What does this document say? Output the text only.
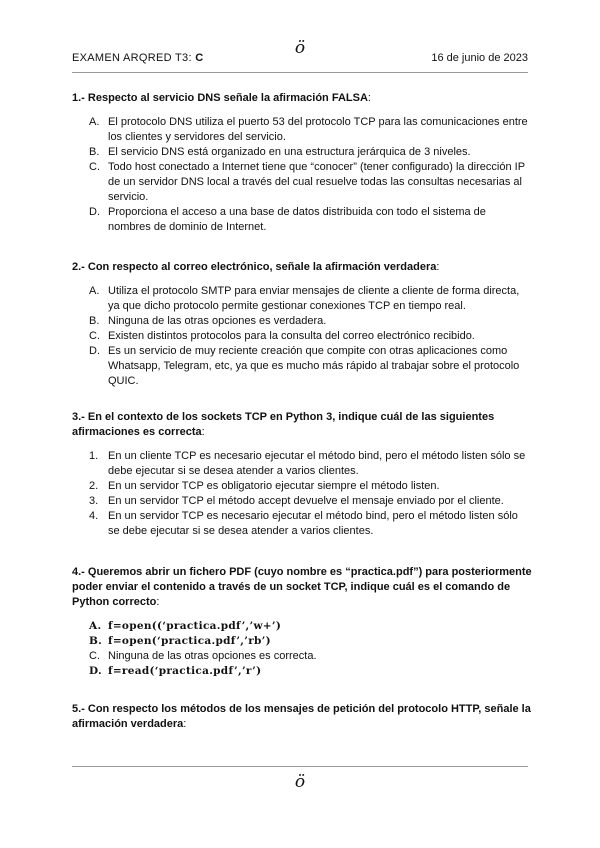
EXAMEN ARQRED T3: C	ö	16 de junio de 2023
1.- Respecto al servicio DNS señale la afirmación FALSA:
A. El protocolo DNS utiliza el puerto 53 del protocolo TCP para las comunicaciones entre los clientes y servidores del servicio.
B. El servicio DNS está organizado en una estructura jerárquica de 3 niveles.
C. Todo host conectado a Internet tiene que “conocer” (tener configurado) la dirección IP de un servidor DNS local a través del cual resuelve todas las consultas necesarias al servicio.
D. Proporciona el acceso a una base de datos distribuida con todo el sistema de nombres de dominio de Internet.
2.- Con respecto al correo electrónico, señale la afirmación verdadera:
A. Utiliza el protocolo SMTP para enviar mensajes de cliente a cliente de forma directa, ya que dicho protocolo permite gestionar conexiones TCP en tiempo real.
B. Ninguna de las otras opciones es verdadera.
C. Existen distintos protocolos para la consulta del correo electrónico recibido.
D. Es un servicio de muy reciente creación que compite con otras aplicaciones como Whatsapp, Telegram, etc, ya que es mucho más rápido al trabajar sobre el protocolo QUIC.
3.- En el contexto de los sockets TCP en Python 3, indique cuál de las siguientes afirmaciones es correcta:
1. En un cliente TCP es necesario ejecutar el método bind, pero el método listen sólo se debe ejecutar si se desea atender a varios clientes.
2. En un servidor TCP es obligatorio ejecutar siempre el método listen.
3. En un servidor TCP el método accept devuelve el mensaje enviado por el cliente.
4. En un servidor TCP es necesario ejecutar el método bind, pero el método listen sólo se debe ejecutar si se desea atender a varios clientes.
4.- Queremos abrir un fichero PDF (cuyo nombre es “practica.pdf”) para posteriormente poder enviar el contenido a través de un socket TCP, indique cuál es el comando de Python correcto:
A. f=open((‘practica.pdf’,’w+’)
B. f=open(‘practica.pdf’,’rb’)
C. Ninguna de las otras opciones es correcta.
D. f=read(‘practica.pdf’,’r’)
5.- Con respecto los métodos de los mensajes de petición del protocolo HTTP, señale la afirmación verdadera:
ö
